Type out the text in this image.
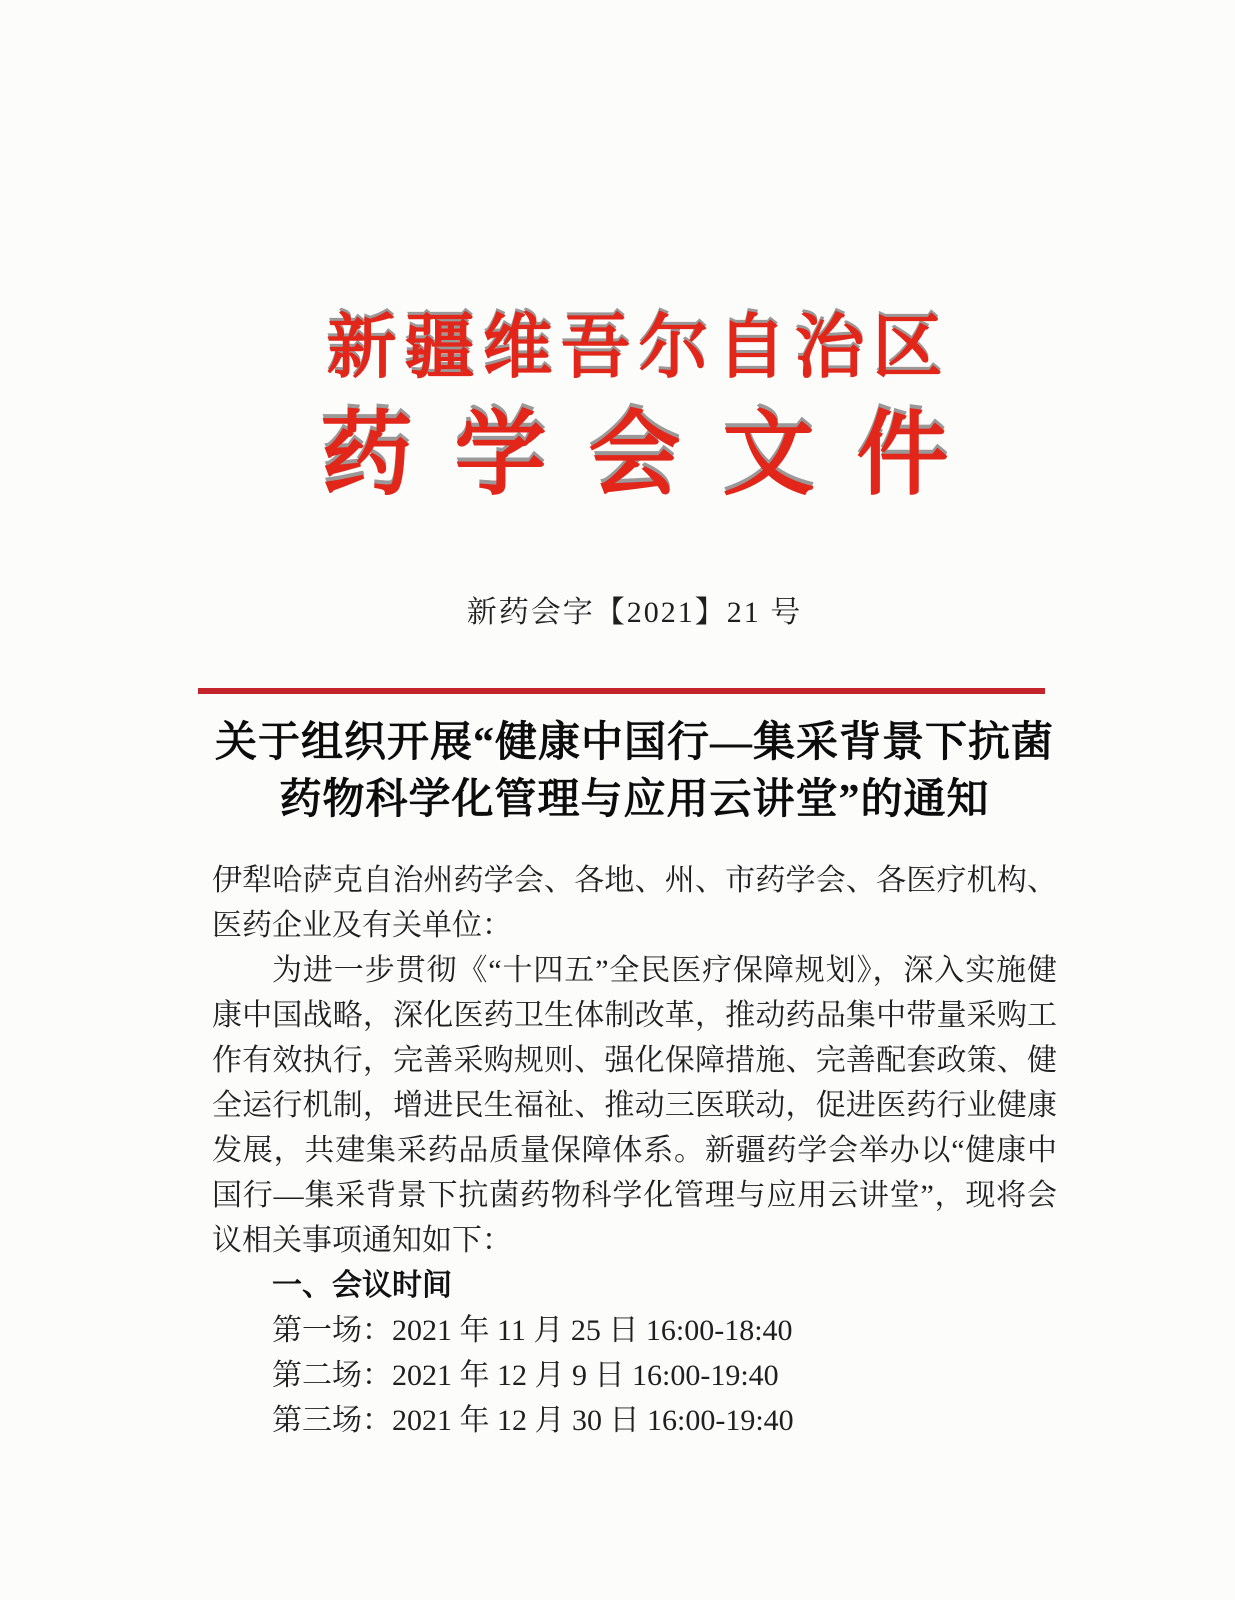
新疆维吾尔自治区
药学会文件
新药会字【2021】21 号
关于组织开展“健康中国行—集采背景下抗菌
药物科学化管理与应用云讲堂”的通知
伊犁哈萨克自治州药学会、各地、州、市药学会、各医疗机构、
医药企业及有关单位：
为进一步贯彻《“十四五”全民医疗保障规划》，深入实施健
康中国战略，深化医药卫生体制改革，推动药品集中带量采购工
作有效执行，完善采购规则、强化保障措施、完善配套政策、健
全运行机制，增进民生福祉、推动三医联动，促进医药行业健康
发展，共建集采药品质量保障体系。新疆药学会举办以“健康中
国行—集采背景下抗菌药物科学化管理与应用云讲堂”，现将会
议相关事项通知如下：
一、会议时间
第一场：2021 年 11 月 25 日 16:00-18:40
第二场：2021 年 12 月 9 日 16:00-19:40
第三场：2021 年 12 月 30 日 16:00-19:40
